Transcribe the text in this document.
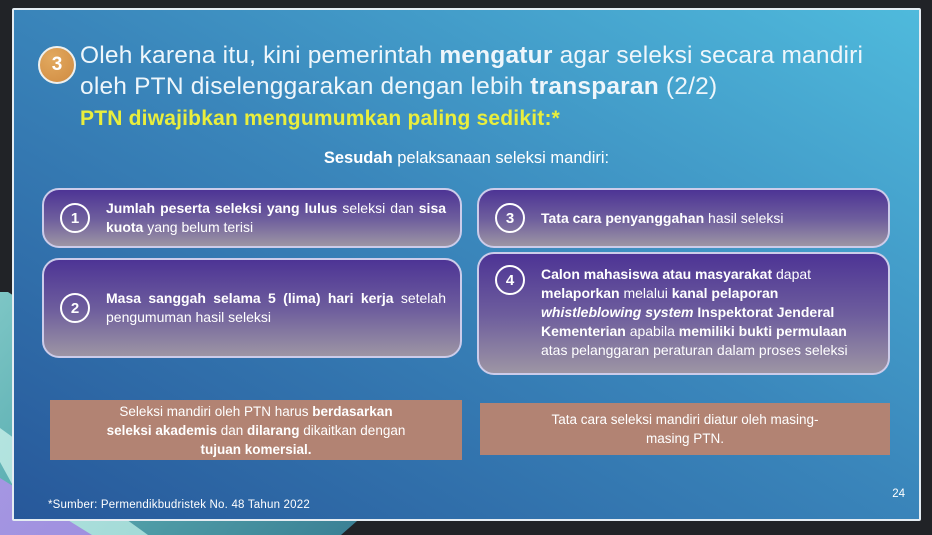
3 Oleh karena itu, kini pemerintah mengatur agar seleksi secara mandiri oleh PTN diselenggarakan dengan lebih transparan (2/2)
PTN diwajibkan mengumumkan paling sedikit:*
Sesudah pelaksanaan seleksi mandiri:
1
Jumlah peserta seleksi yang lulus seleksi dan sisa kuota yang belum terisi
2
Masa sanggah selama 5 (lima) hari kerja setelah pengumuman hasil seleksi
3 Tata cara penyanggahan hasil seleksi
4 Calon mahasiswa atau masyarakat dapat melaporkan melalui kanal pelaporan whistleblowing system Inspektorat Jenderal Kementerian apabila memiliki bukti permulaan atas pelanggaran peraturan dalam proses seleksi
Seleksi mandiri oleh PTN harus berdasarkan seleksi akademis dan dilarang dikaitkan dengan tujuan komersial.
Tata cara seleksi mandiri diatur oleh masing-masing PTN.
*Sumber: Permendikbudristek No. 48 Tahun 2022
24
